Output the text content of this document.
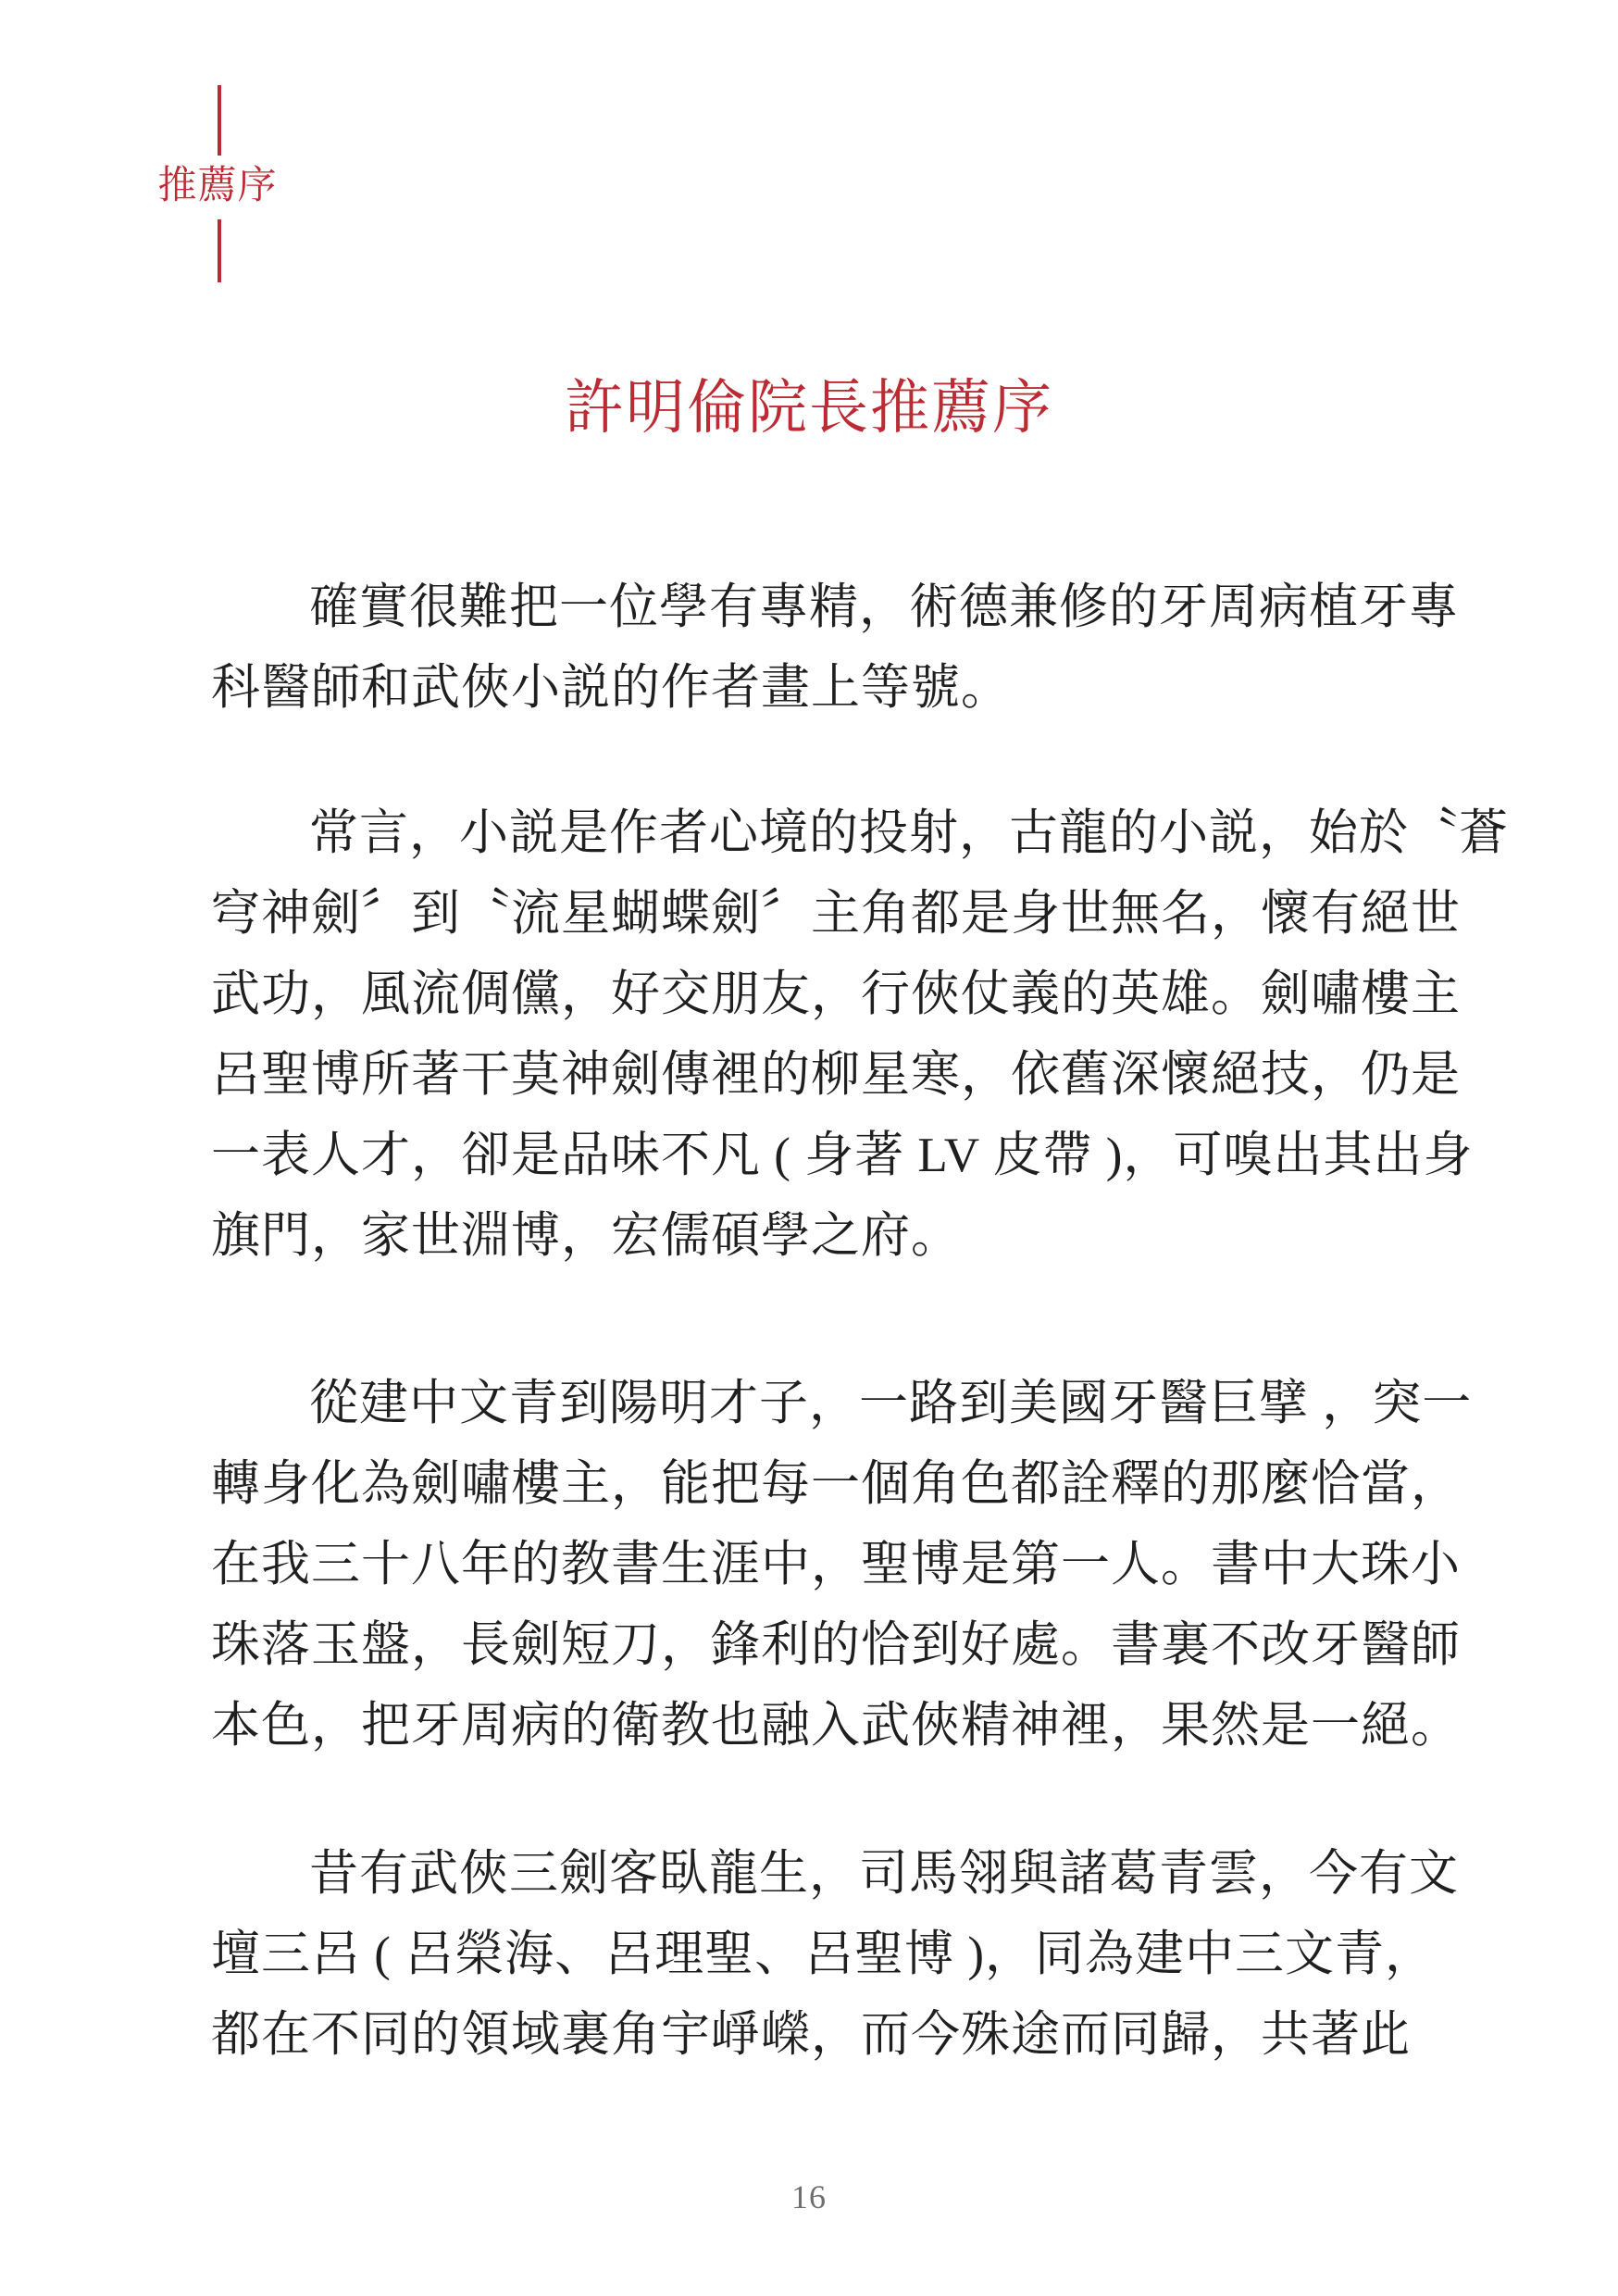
推薦序
許明倫院長推薦序
確實很難把一位學有專精，術德兼修的牙周病植牙專
科醫師和武俠小説的作者畫上等號。
常言，小説是作者心境的投射，古龍的小説，始於〝蒼
穹神劍〞到〝流星蝴蝶劍〞主角都是身世無名，懷有絕世
武功，風流倜儻，好交朋友，行俠仗義的英雄。劍嘯樓主
呂聖博所著干莫神劍傳裡的柳星寒，依舊深懷絕技，仍是
一表人才，卻是品味不凡 ( 身著 LV 皮帶 )，可嗅出其出身
旗門，家世淵博，宏儒碩學之府。
從建中文青到陽明才子，一路到美國牙醫巨擘 ，突一
轉身化為劍嘯樓主，能把每一個角色都詮釋的那麼恰當，
在我三十八年的教書生涯中，聖博是第一人。書中大珠小
珠落玉盤，長劍短刀，鋒利的恰到好處。書裏不改牙醫師
本色，把牙周病的衛教也融入武俠精神裡，果然是一絕。
昔有武俠三劍客臥龍生，司馬翎與諸葛青雲，今有文
壇三呂 ( 呂榮海、呂理聖、呂聖博 )，同為建中三文青，
都在不同的領域裏角宇崢嶸，而今殊途而同歸，共著此
16
